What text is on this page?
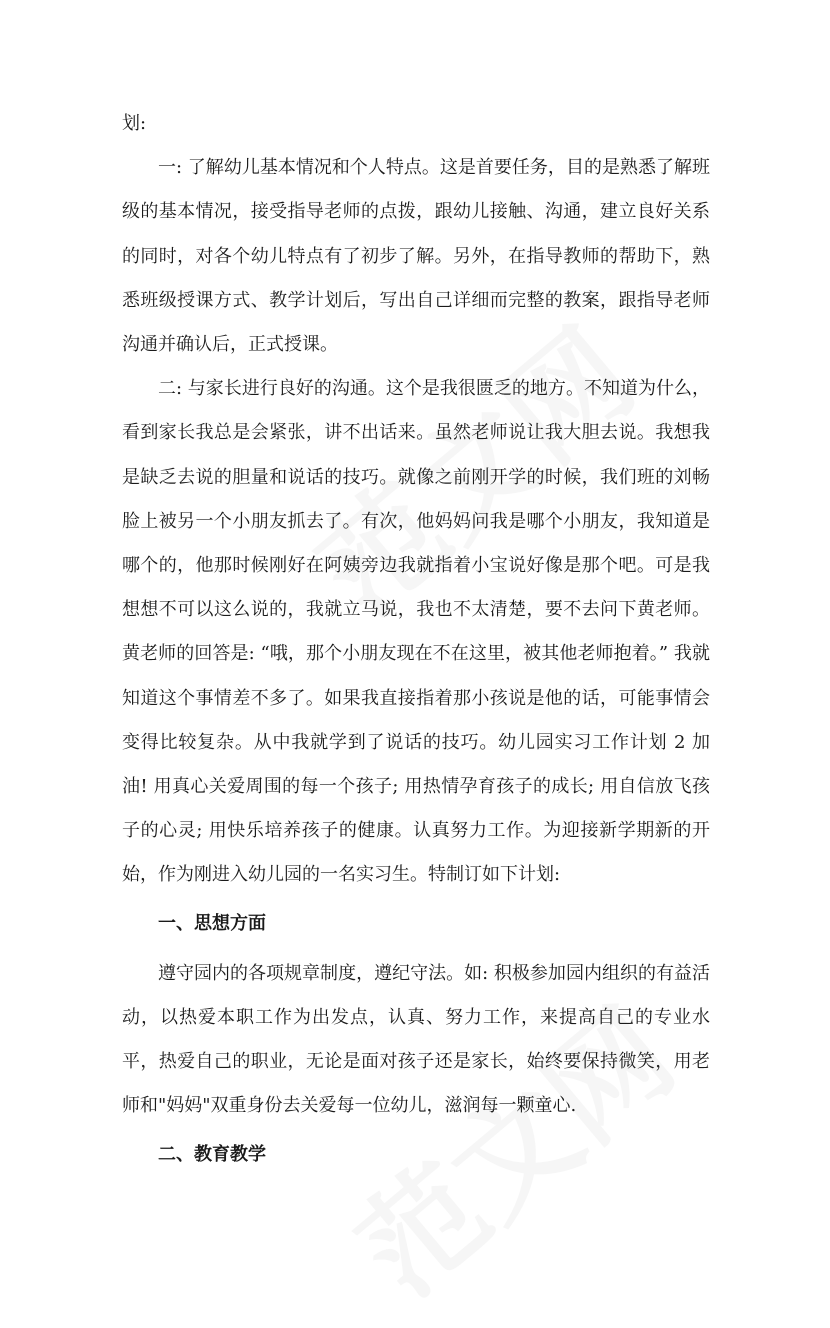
划:

一: 了解幼儿基本情况和个人特点。这是首要任务，目的是熟悉了解班级的基本情况，接受指导老师的点拨，跟幼儿接触、沟通，建立良好关系的同时，对各个幼儿特点有了初步了解。另外，在指导教师的帮助下，熟悉班级授课方式、教学计划后，写出自己详细而完整的教案，跟指导老师沟通并确认后，正式授课。

二: 与家长进行良好的沟通。这个是我很匮乏的地方。不知道为什么，看到家长我总是会紧张，讲不出话来。虽然老师说让我大胆去说。我想我是缺乏去说的胆量和说话的技巧。就像之前刚开学的时候，我们班的刘畅脸上被另一个小朋友抓去了。有次，他妈妈问我是哪个小朋友，我知道是哪个的，他那时候刚好在阿姨旁边我就指着小宝说好像是那个吧。可是我想想不可以这么说的，我就立马说，我也不太清楚，要不去问下黄老师。黄老师的回答是: “哦，那个小朋友现在不在这里，被其他老师抱着。” 我就知道这个事情差不多了。如果我直接指着那小孩说是他的话，可能事情会变得比较复杂。从中我就学到了说话的技巧。幼儿园实习工作计划 2 加油! 用真心关爱周围的每一个孩子; 用热情孕育孩子的成长; 用自信放飞孩子的心灵; 用快乐培养孩子的健康。认真努力工作。为迎接新学期新的开始，作为刚进入幼儿园的一名实习生。特制订如下计划:

一、思想方面

遵守园内的各项规章制度，遵纪守法。如: 积极参加园内组织的有益活动，以热爱本职工作为出发点，认真、努力工作，来提高自己的专业水平，热爱自己的职业，无论是面对孩子还是家长，始终要保持微笑，用老师和"妈妈"双重身份去关爱每一位幼儿，滋润每一颗童心.

二、教育教学
